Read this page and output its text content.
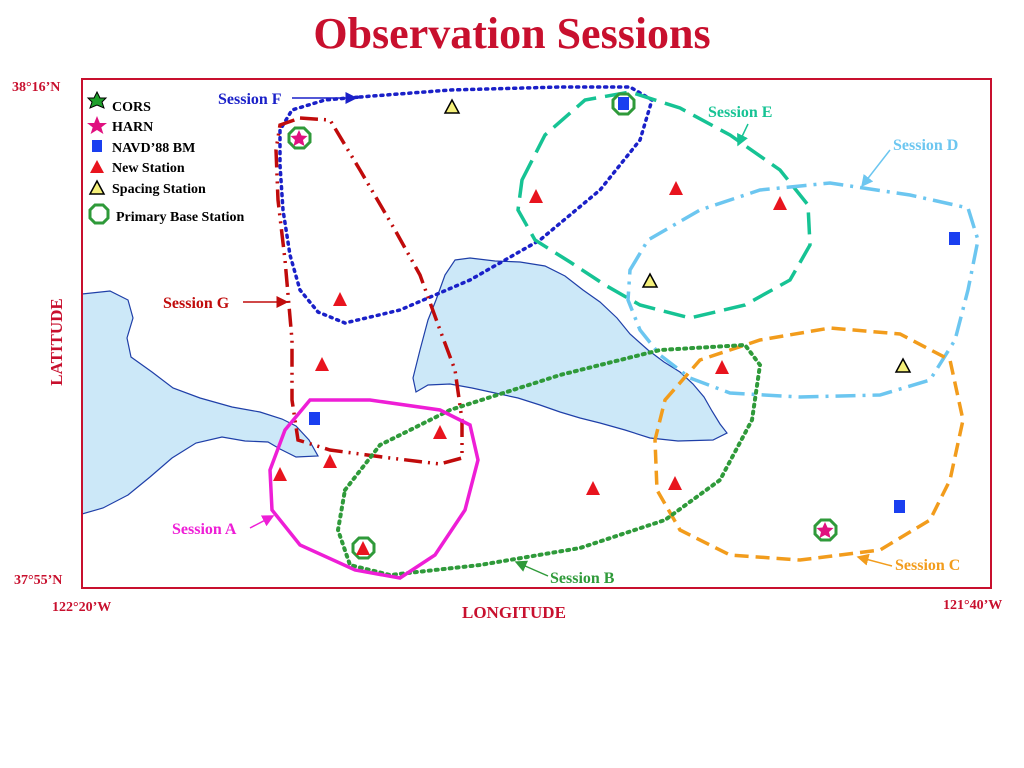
Observation Sessions
38°16’N
37°55’N
122°20’W	121°40’W
LONGITUDE
LATITUDE
CORS
HARN
NAVD’88 BM
New Station
Spacing Station
Primary Base Station
Session F
Session E
Session D
Session G
Session A
Session B
Session C
